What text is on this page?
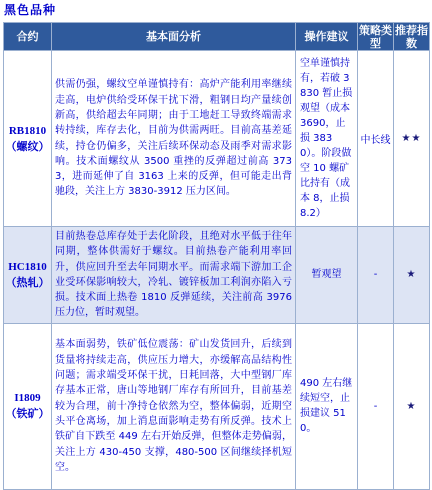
黑色品种
合约	基本面分析	操作建议	策略类型	推荐指数

RB1810
（螺纹）	供需仍强，螺纹空单谨慎持有：高炉产能利用率继续走高，电炉供给受环保干扰下滑，粗钢日均产量续创新高，供给超去年同期；由于工地赶工导致终端需求转持续，库存去化，目前为供需两旺。目前高基差延续，持仓仍偏多，关注后续环保动态及雨季对需求影响。技术面螺纹从 3500 重挫的反弹超过前高 3733，进而延伸了自 3163 上来的反弹，但可能走出背驰段，关注上方 3830-3912 压力区间。	空单谨慎持有，若破 3830 暂止损观望（成本 3690，止损 3830）。阶段做空 10 螺矿比持有（成本 8，止损 8.2）	中长线	★★

HC1810
（热轧）	目前热卷总库存处于去化阶段，且绝对水平低于往年同期，整体供需好于螺纹。目前热卷产能利用率回升，供应回升至去年同期水平。而需求端下游加工企业受环保影响较大，冷轧、镀锌板加工利润亦陷入亏损。技术面上热卷 1810 反弹延续，关注前高 3976 压力位，暂时观望。	暂观望	-	★

I1809
（铁矿）	基本面弱势，铁矿低位震荡：矿山发货回升，后续到货量将持续走高，供应压力增大，亦缓解高品结构性问题；需求端受环保干扰，日耗回落，大中型钢厂库存基本正常，唐山等地钢厂库存有所回升，目前基差较为合理，前十净持仓依然为空，整体偏弱，近期空头平仓离场，加上消息面影响走势有所反弹。技术上铁矿自下跌至 449 左右开始反弹，但整体走势偏弱，关注上方 430-450 支撑，480-500 区间继续择机短空。	490 左右继续短空，止损建议 510。	-	★
